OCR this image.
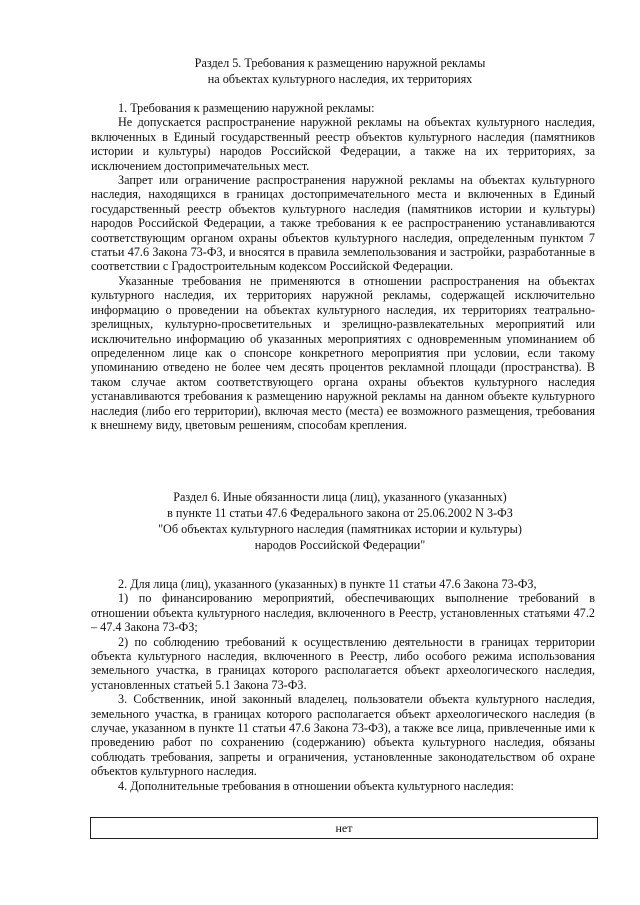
Раздел 5. Требования к размещению наружной рекламы
на объектах культурного наследия, их территориях

1. Требования к размещению наружной рекламы:

Не допускается распространение наружной рекламы на объектах культурного наследия, включенных в Единый государственный реестр объектов культурного наследия (памятников истории и культуры) народов Российской Федерации, а также на их территориях, за исключением достопримечательных мест.

Запрет или ограничение распространения наружной рекламы на объектах культурного наследия, находящихся в границах достопримечательного места и включенных в Единый государственный реестр объектов культурного наследия (памятников истории и культуры) народов Российской Федерации, а также требования к ее распространению устанавливаются соответствующим органом охраны объектов культурного наследия, определенным пунктом 7 статьи 47.6 Закона 73-ФЗ, и вносятся в правила землепользования и застройки, разработанные в соответствии с Градостроительным кодексом Российской Федерации.

Указанные требования не применяются в отношении распространения на объектах культурного наследия, их территориях наружной рекламы, содержащей исключительно информацию о проведении на объектах культурного наследия, их территориях театрально-зрелищных, культурно-просветительных и зрелищно-развлекательных мероприятий или исключительно информацию об указанных мероприятиях с одновременным упоминанием об определенном лице как о спонсоре конкретного мероприятия при условии, если такому упоминанию отведено не более чем десять процентов рекламной площади (пространства). В таком случае актом соответствующего органа охраны объектов культурного наследия устанавливаются требования к размещению наружной рекламы на данном объекте культурного наследия (либо его территории), включая место (места) ее возможного размещения, требования к внешнему виду, цветовым решениям, способам крепления.

Раздел 6. Иные обязанности лица (лиц), указанного (указанных)
в пункте 11 статьи 47.6 Федерального закона от 25.06.2002 N 3-ФЗ
"Об объектах культурного наследия (памятниках истории и культуры)
народов Российской Федерации"

2. Для лица (лиц), указанного (указанных) в пункте 11 статьи 47.6 Закона 73-ФЗ,

1) по финансированию мероприятий, обеспечивающих выполнение требований в отношении объекта культурного наследия, включенного в Реестр, установленных статьями 47.2 – 47.4 Закона 73-ФЗ;

2) по соблюдению требований к осуществлению деятельности в границах территории объекта культурного наследия, включенного в Реестр, либо особого режима использования земельного участка, в границах которого располагается объект археологического наследия, установленных статьей 5.1 Закона 73-ФЗ.

3. Собственник, иной законный владелец, пользователи объекта культурного наследия, земельного участка, в границах которого располагается объект археологического наследия (в случае, указанном в пункте 11 статьи 47.6 Закона 73-ФЗ), а также все лица, привлеченные ими к проведению работ по сохранению (содержанию) объекта культурного наследия, обязаны соблюдать требования, запреты и ограничения, установленные законодательством об охране объектов культурного наследия.

4. Дополнительные требования в отношении объекта культурного наследия:

нет
